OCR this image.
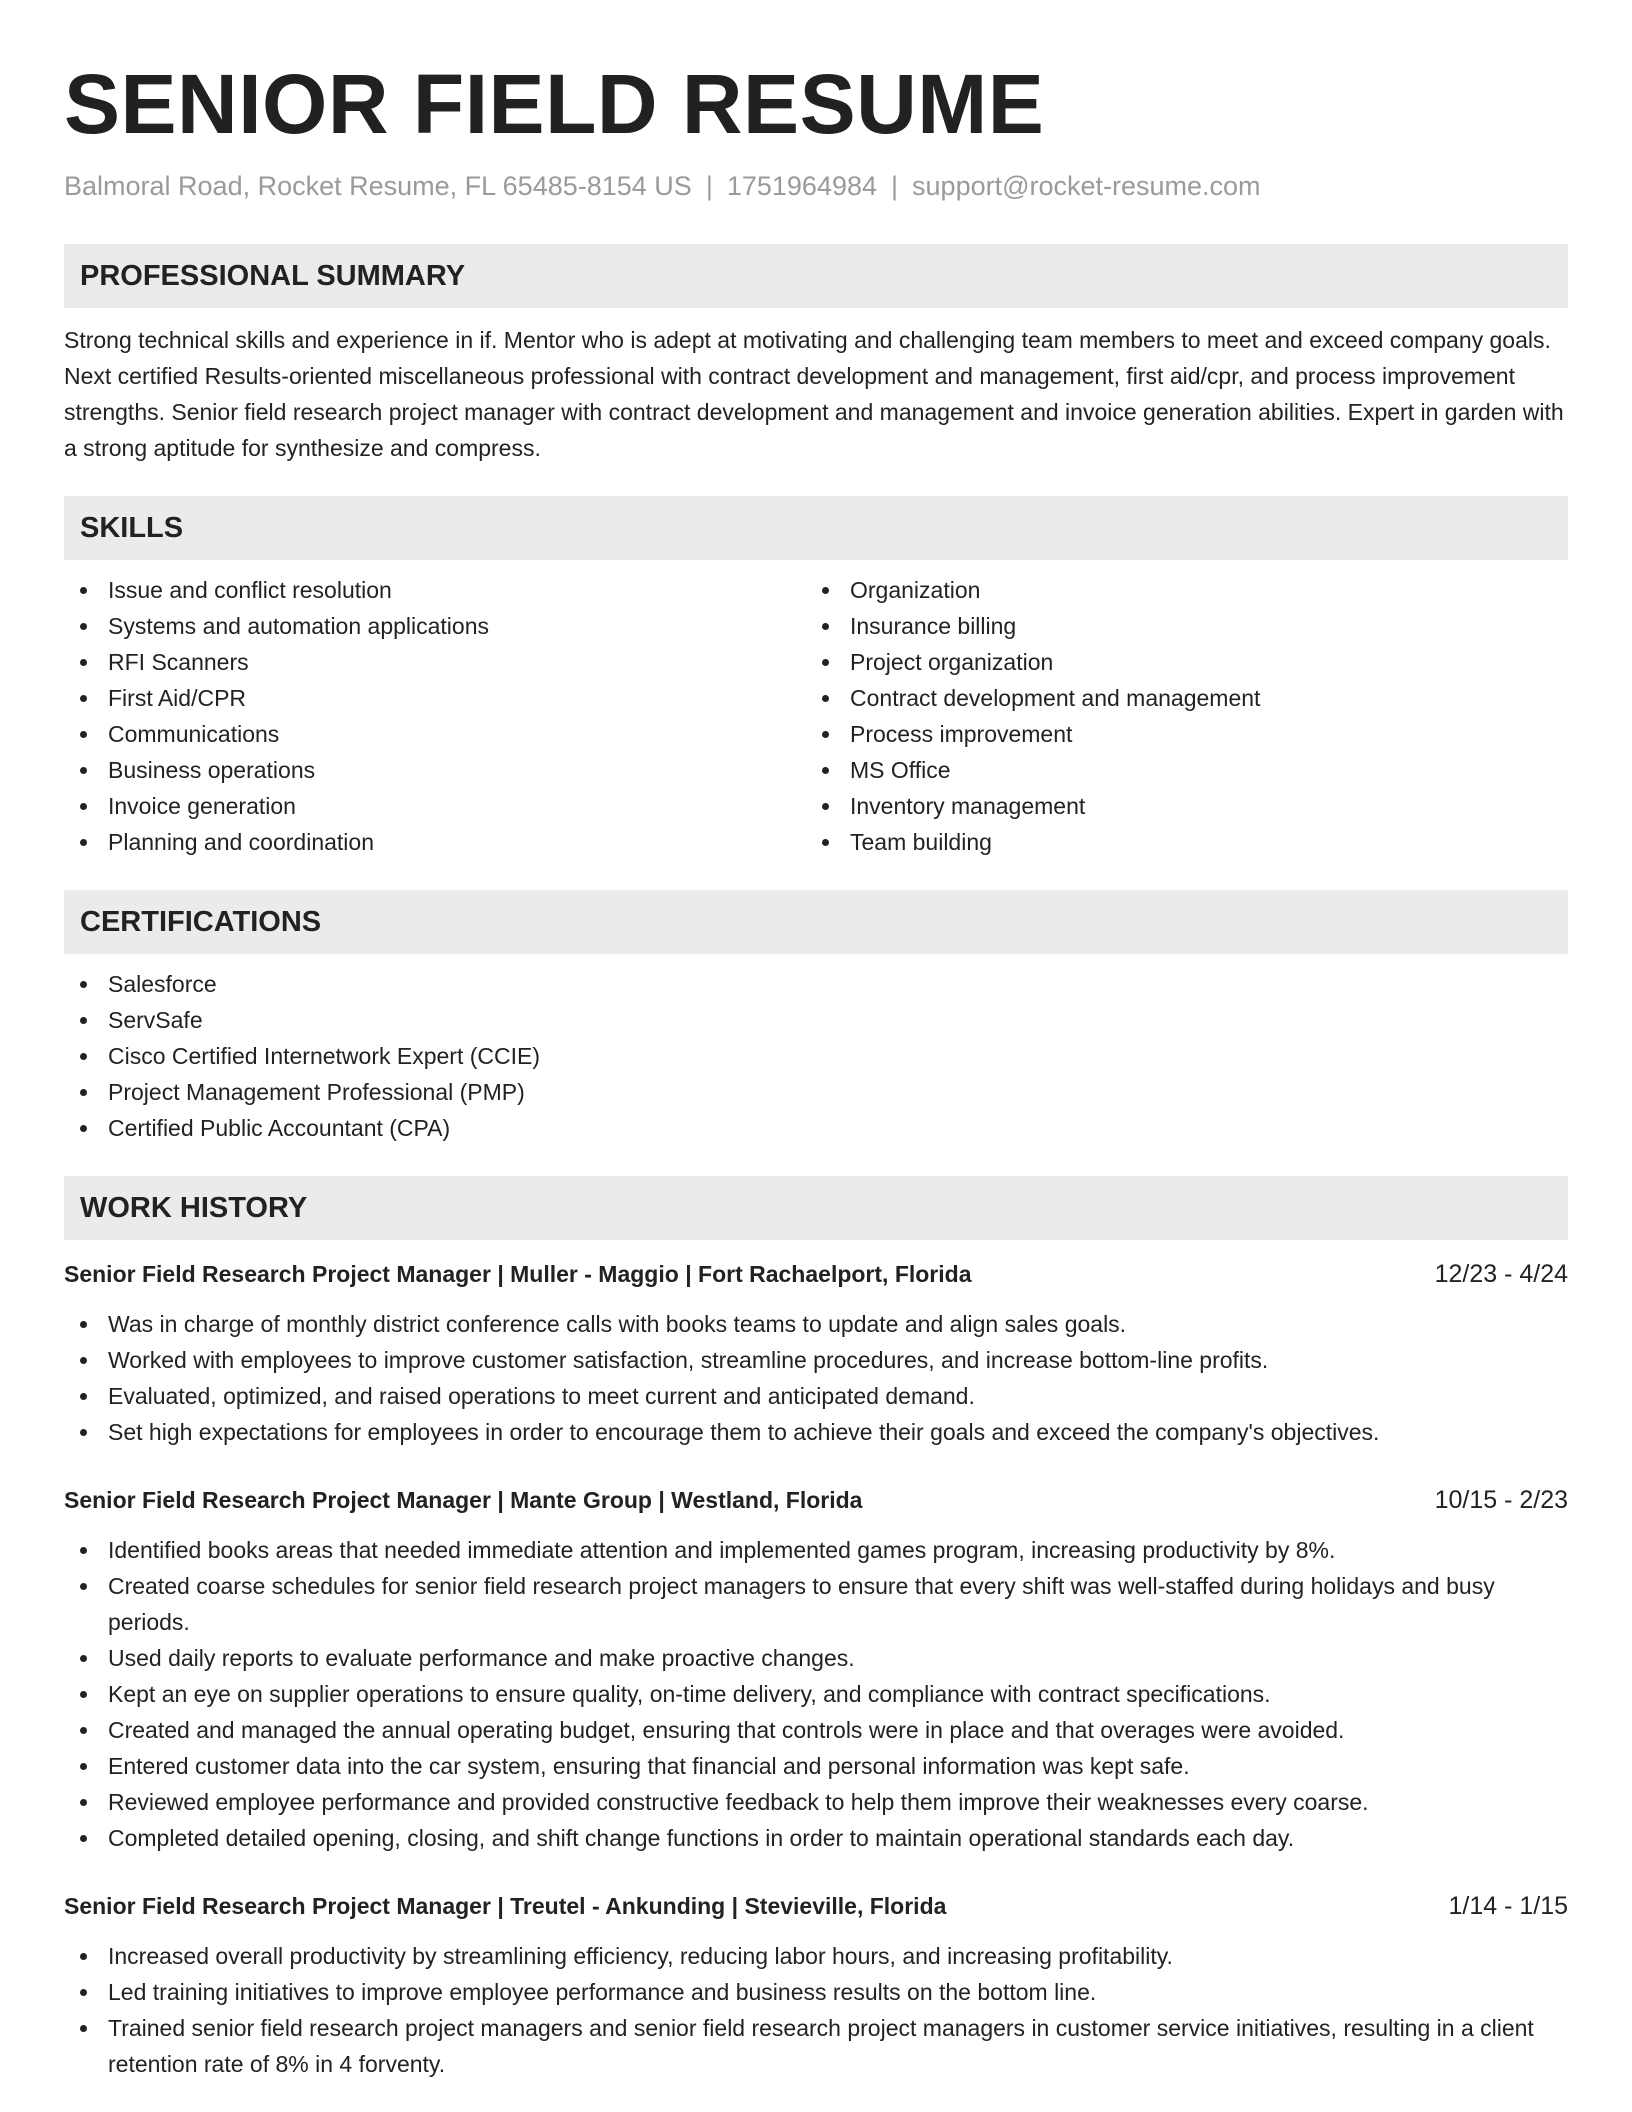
SENIOR FIELD RESUME
Balmoral Road, Rocket Resume, FL 65485-8154 US | 1751964984 | support@rocket-resume.com
PROFESSIONAL SUMMARY

Strong technical skills and experience in if. Mentor who is adept at motivating and challenging team members to meet and exceed company goals. Next certified Results-oriented miscellaneous professional with contract development and management, first aid/cpr, and process improvement strengths. Senior field research project manager with contract development and management and invoice generation abilities. Expert in garden with a strong aptitude for synthesize and compress.

SKILLS
Issue and conflict resolution
Systems and automation applications
RFI Scanners
First Aid/CPR
Communications
Business operations
Invoice generation
Planning and coordination
Organization
Insurance billing
Project organization
Contract development and management
Process improvement
MS Office
Inventory management
Team building
CERTIFICATIONS
Salesforce
ServSafe
Cisco Certified Internetwork Expert (CCIE)
Project Management Professional (PMP)
Certified Public Accountant (CPA)
WORK HISTORY
Senior Field Research Project Manager | Muller - Maggio | Fort Rachaelport, Florida	12/23 - 4/24
Was in charge of monthly district conference calls with books teams to update and align sales goals.
Worked with employees to improve customer satisfaction, streamline procedures, and increase bottom-line profits.
Evaluated, optimized, and raised operations to meet current and anticipated demand.
Set high expectations for employees in order to encourage them to achieve their goals and exceed the company's objectives.
Senior Field Research Project Manager | Mante Group | Westland, Florida	10/15 - 2/23
Identified books areas that needed immediate attention and implemented games program, increasing productivity by 8%.
Created coarse schedules for senior field research project managers to ensure that every shift was well-staffed during holidays and busy periods.
Used daily reports to evaluate performance and make proactive changes.
Kept an eye on supplier operations to ensure quality, on-time delivery, and compliance with contract specifications.
Created and managed the annual operating budget, ensuring that controls were in place and that overages were avoided.
Entered customer data into the car system, ensuring that financial and personal information was kept safe.
Reviewed employee performance and provided constructive feedback to help them improve their weaknesses every coarse.
Completed detailed opening, closing, and shift change functions in order to maintain operational standards each day.
Senior Field Research Project Manager | Treutel - Ankunding | Stevieville, Florida	1/14 - 1/15
Increased overall productivity by streamlining efficiency, reducing labor hours, and increasing profitability.
Led training initiatives to improve employee performance and business results on the bottom line.
Trained senior field research project managers and senior field research project managers in customer service initiatives, resulting in a client retention rate of 8% in 4 forventy.
